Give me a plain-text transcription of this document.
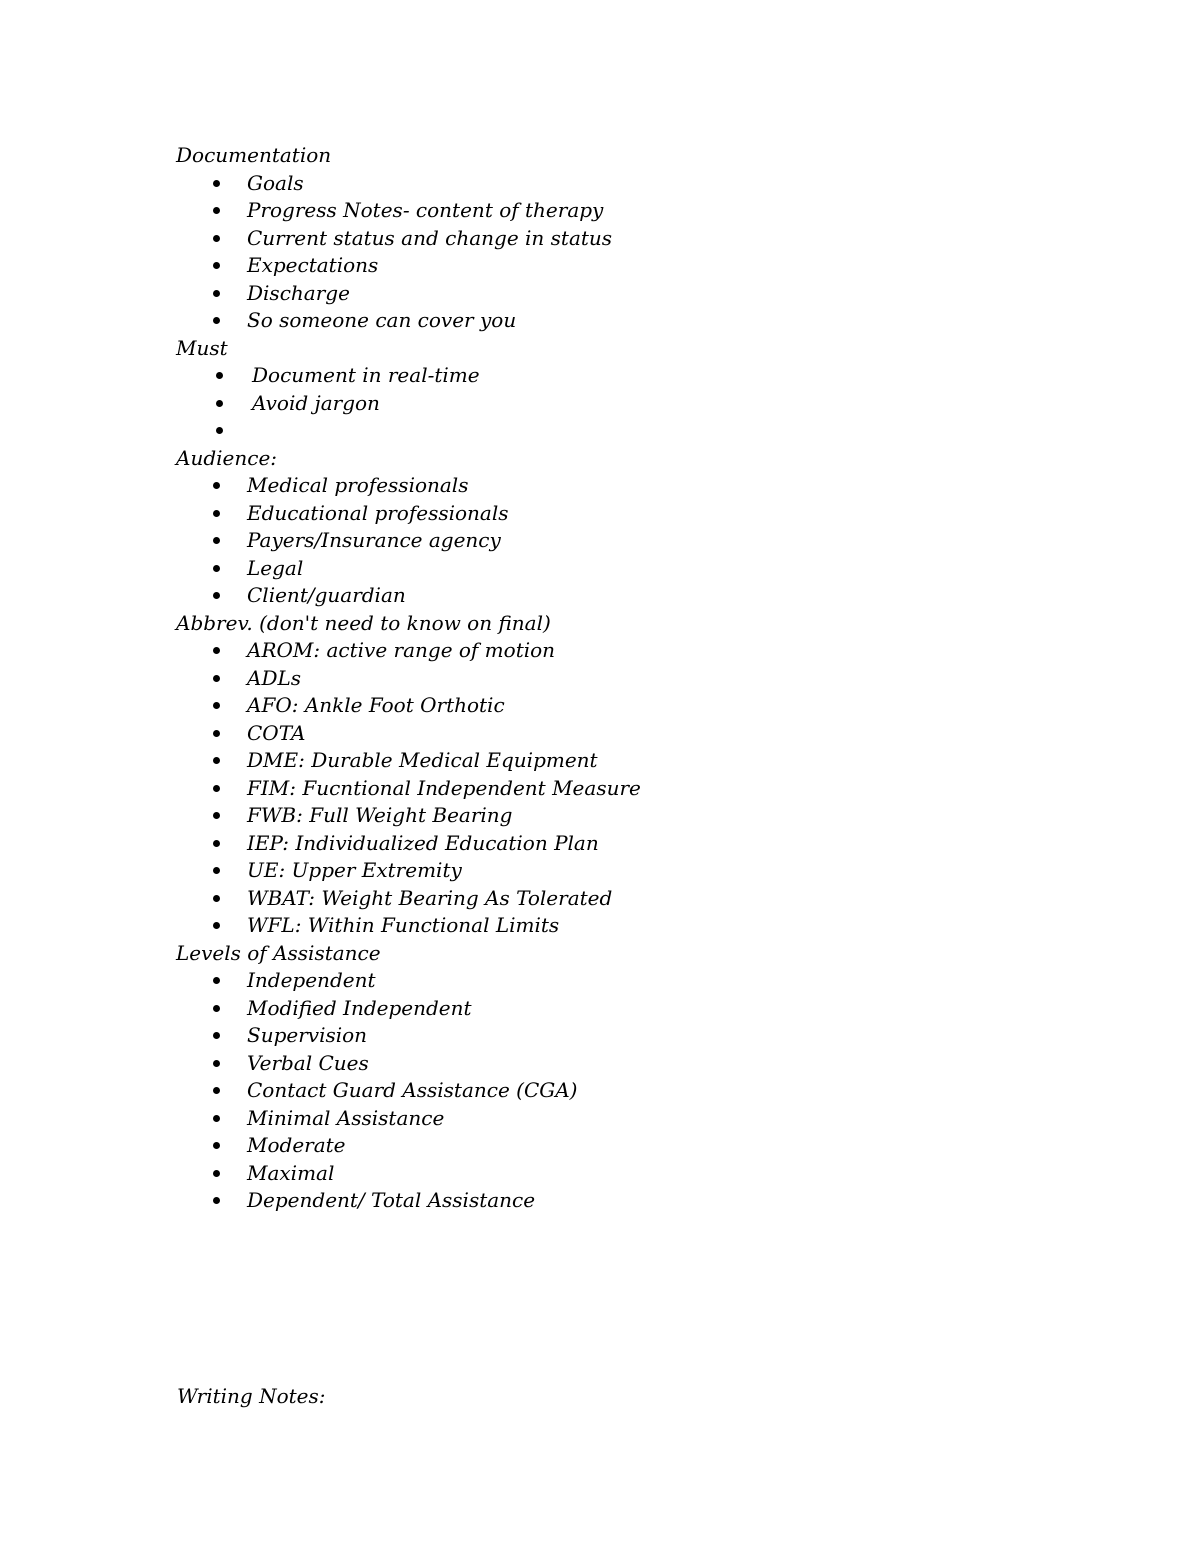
Documentation
Goals
Progress Notes- content of therapy
Current status and change in status
Expectations
Discharge
So someone can cover you
Must
Document in real-time
Avoid jargon
Audience:
Medical professionals
Educational professionals
Payers/Insurance agency
Legal
Client/guardian
Abbrev. (don't need to know on final)
AROM: active range of motion
ADLs
AFO: Ankle Foot Orthotic
COTA
DME: Durable Medical Equipment
FIM: Fucntional Independent Measure
FWB: Full Weight Bearing
IEP: Individualized Education Plan
UE: Upper Extremity
WBAT: Weight Bearing As Tolerated
WFL: Within Functional Limits
Levels of Assistance
Independent
Modified Independent
Supervision
Verbal Cues
Contact Guard Assistance (CGA)
Minimal Assistance
Moderate
Maximal
Dependent/ Total Assistance
Writing Notes:
